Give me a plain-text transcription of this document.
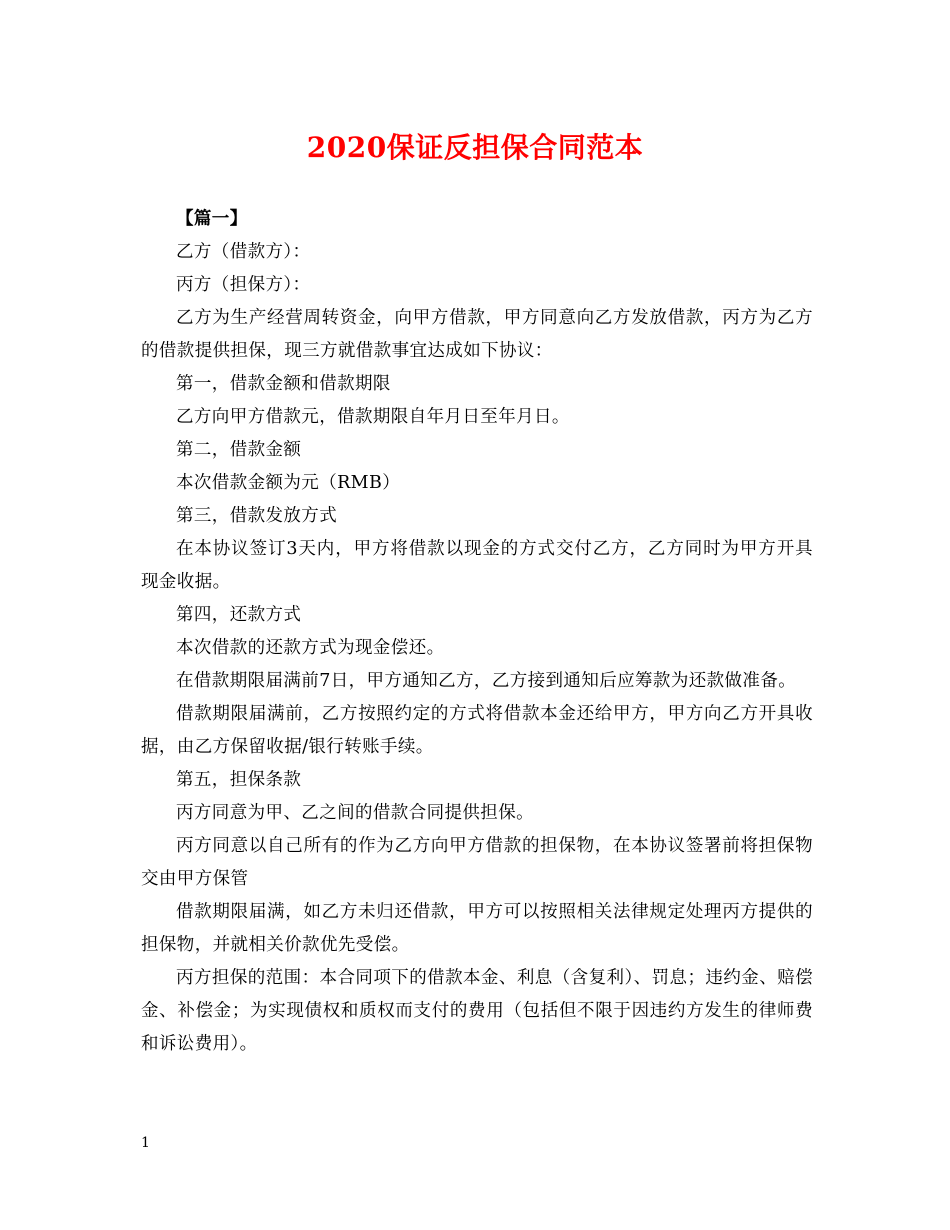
2020保证反担保合同范本

【篇一】

乙方（借款方）：

丙方（担保方）：

乙方为生产经营周转资金，向甲方借款，甲方同意向乙方发放借款，丙方为乙方的借款提供担保，现三方就借款事宜达成如下协议：

第一，借款金额和借款期限

乙方向甲方借款元，借款期限自年月日至年月日。

第二，借款金额

本次借款金额为元（RMB）

第三，借款发放方式

在本协议签订3天内，甲方将借款以现金的方式交付乙方，乙方同时为甲方开具现金收据。

第四，还款方式

本次借款的还款方式为现金偿还。

在借款期限届满前7日，甲方通知乙方，乙方接到通知后应筹款为还款做准备。

借款期限届满前，乙方按照约定的方式将借款本金还给甲方，甲方向乙方开具收据，由乙方保留收据/银行转账手续。

第五，担保条款

丙方同意为甲、乙之间的借款合同提供担保。

丙方同意以自己所有的作为乙方向甲方借款的担保物，在本协议签署前将担保物交由甲方保管

借款期限届满，如乙方未归还借款，甲方可以按照相关法律规定处理丙方提供的担保物，并就相关价款优先受偿。

丙方担保的范围：本合同项下的借款本金、利息（含复利）、罚息；违约金、赔偿金、补偿金；为实现债权和质权而支付的费用（包括但不限于因违约方发生的律师费和诉讼费用）。

1
